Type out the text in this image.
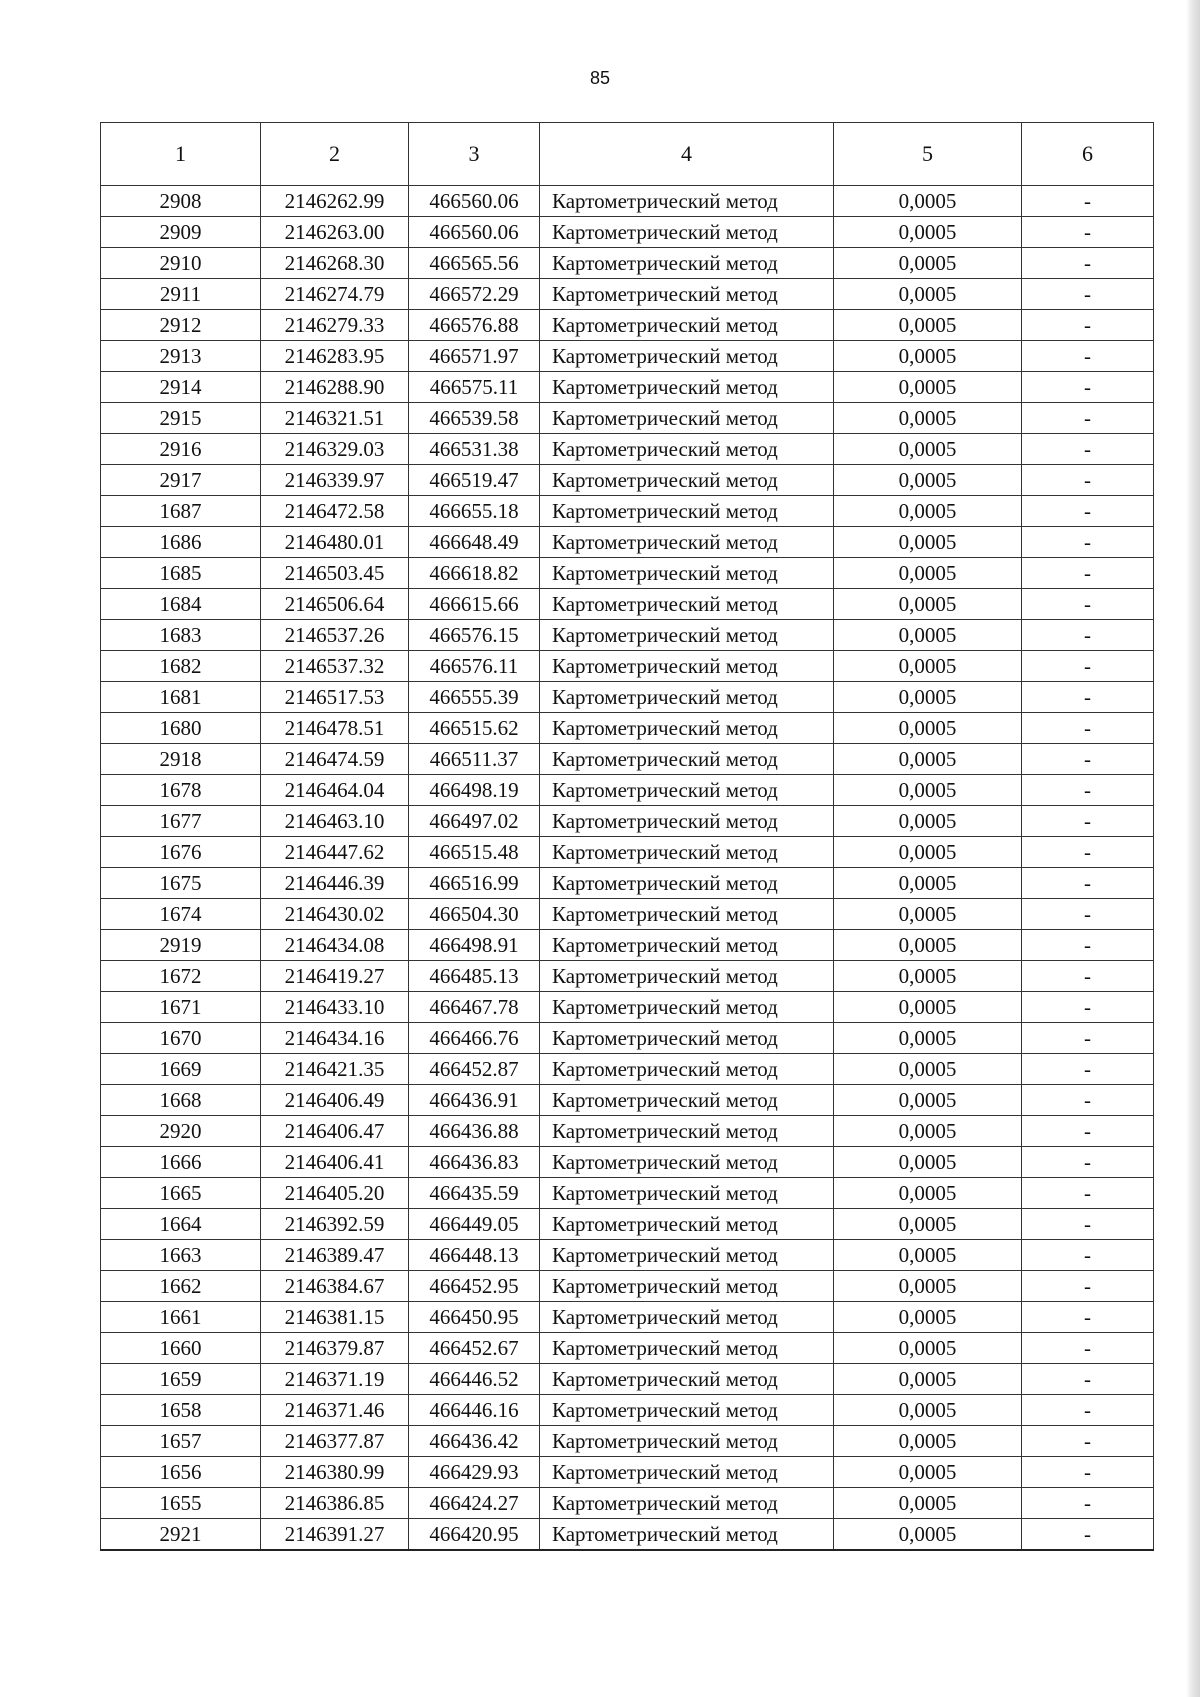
85
1	2	3	4	5	6
2908	2146262.99	466560.06	Картометрический метод	0,0005	-
2909	2146263.00	466560.06	Картометрический метод	0,0005	-
2910	2146268.30	466565.56	Картометрический метод	0,0005	-
2911	2146274.79	466572.29	Картометрический метод	0,0005	-
2912	2146279.33	466576.88	Картометрический метод	0,0005	-
2913	2146283.95	466571.97	Картометрический метод	0,0005	-
2914	2146288.90	466575.11	Картометрический метод	0,0005	-
2915	2146321.51	466539.58	Картометрический метод	0,0005	-
2916	2146329.03	466531.38	Картометрический метод	0,0005	-
2917	2146339.97	466519.47	Картометрический метод	0,0005	-
1687	2146472.58	466655.18	Картометрический метод	0,0005	-
1686	2146480.01	466648.49	Картометрический метод	0,0005	-
1685	2146503.45	466618.82	Картометрический метод	0,0005	-
1684	2146506.64	466615.66	Картометрический метод	0,0005	-
1683	2146537.26	466576.15	Картометрический метод	0,0005	-
1682	2146537.32	466576.11	Картометрический метод	0,0005	-
1681	2146517.53	466555.39	Картометрический метод	0,0005	-
1680	2146478.51	466515.62	Картометрический метод	0,0005	-
2918	2146474.59	466511.37	Картометрический метод	0,0005	-
1678	2146464.04	466498.19	Картометрический метод	0,0005	-
1677	2146463.10	466497.02	Картометрический метод	0,0005	-
1676	2146447.62	466515.48	Картометрический метод	0,0005	-
1675	2146446.39	466516.99	Картометрический метод	0,0005	-
1674	2146430.02	466504.30	Картометрический метод	0,0005	-
2919	2146434.08	466498.91	Картометрический метод	0,0005	-
1672	2146419.27	466485.13	Картометрический метод	0,0005	-
1671	2146433.10	466467.78	Картометрический метод	0,0005	-
1670	2146434.16	466466.76	Картометрический метод	0,0005	-
1669	2146421.35	466452.87	Картометрический метод	0,0005	-
1668	2146406.49	466436.91	Картометрический метод	0,0005	-
2920	2146406.47	466436.88	Картометрический метод	0,0005	-
1666	2146406.41	466436.83	Картометрический метод	0,0005	-
1665	2146405.20	466435.59	Картометрический метод	0,0005	-
1664	2146392.59	466449.05	Картометрический метод	0,0005	-
1663	2146389.47	466448.13	Картометрический метод	0,0005	-
1662	2146384.67	466452.95	Картометрический метод	0,0005	-
1661	2146381.15	466450.95	Картометрический метод	0,0005	-
1660	2146379.87	466452.67	Картометрический метод	0,0005	-
1659	2146371.19	466446.52	Картометрический метод	0,0005	-
1658	2146371.46	466446.16	Картометрический метод	0,0005	-
1657	2146377.87	466436.42	Картометрический метод	0,0005	-
1656	2146380.99	466429.93	Картометрический метод	0,0005	-
1655	2146386.85	466424.27	Картометрический метод	0,0005	-
2921	2146391.27	466420.95	Картометрический метод	0,0005	-
